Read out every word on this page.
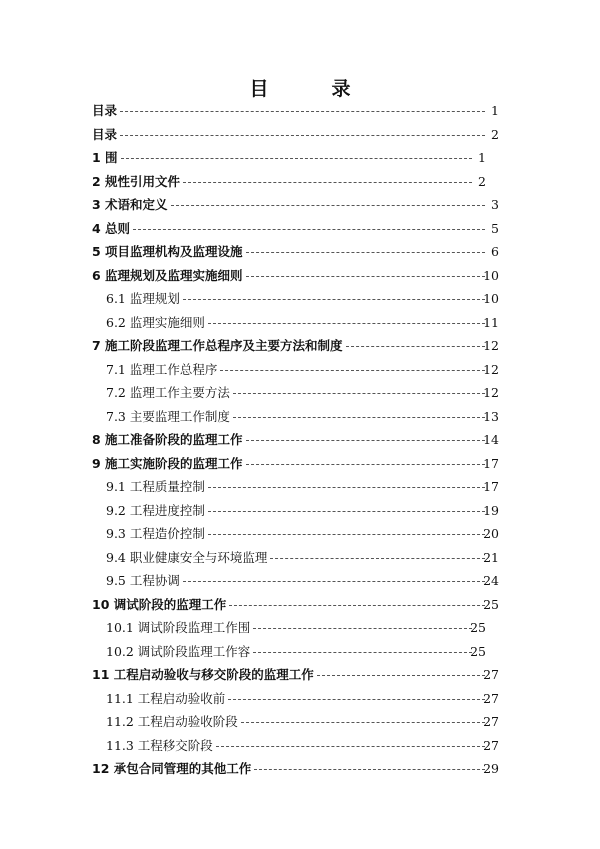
目　录
目录	1
目录	2
1 围	1
2 规性引用文件	2
3 术语和定义	3
4 总则	5
5 项目监理机构及监理设施	6
6 监理规划及监理实施细则	10
6.1 监理规划	10
6.2 监理实施细则	11
7 施工阶段监理工作总程序及主要方法和制度	12
7.1 监理工作总程序	12
7.2 监理工作主要方法	12
7.3 主要监理工作制度	13
8 施工准备阶段的监理工作	14
9 施工实施阶段的监理工作	17
9.1 工程质量控制	17
9.2 工程进度控制	19
9.3 工程造价控制	20
9.4 职业健康安全与环境监理	21
9.5 工程协调	24
10 调试阶段的监理工作	25
10.1 调试阶段监理工作围	25
10.2 调试阶段监理工作容	25
11 工程启动验收与移交阶段的监理工作	27
11.1 工程启动验收前	27
11.2 工程启动验收阶段	27
11.3 工程移交阶段	27
12 承包合同管理的其他工作	29
